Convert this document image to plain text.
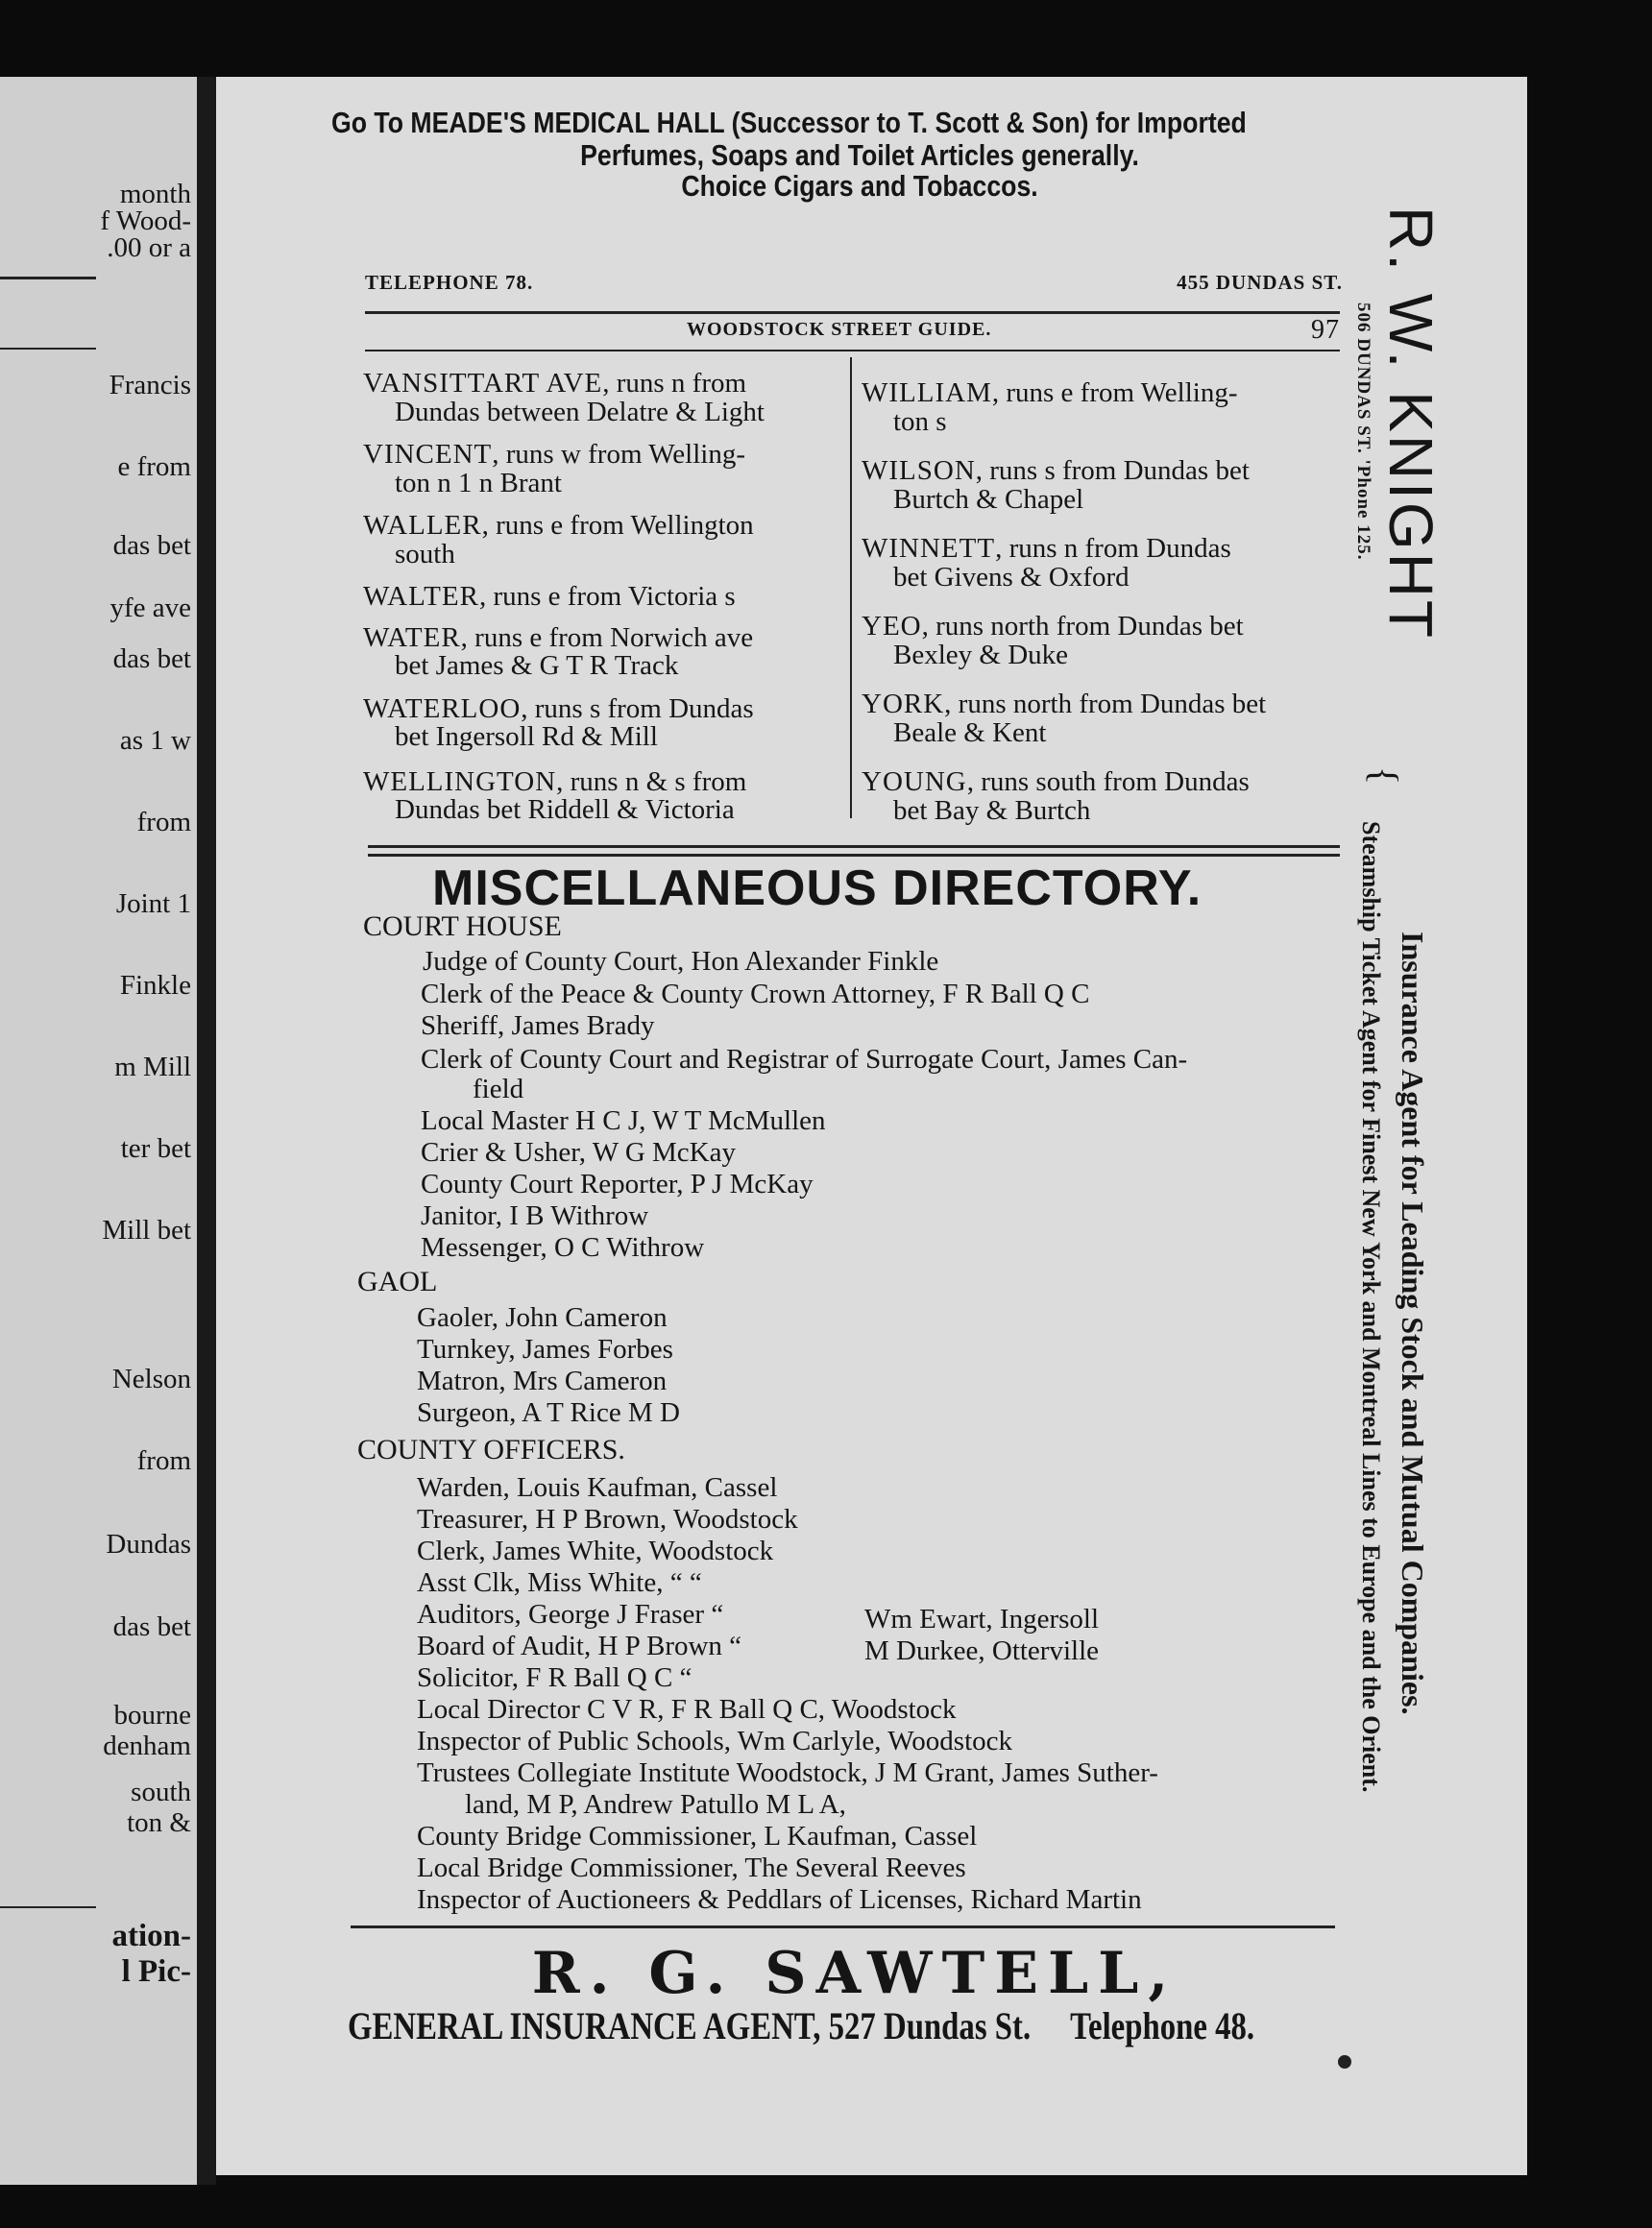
month
f Wood-
.00 or a
Francis
e from
das bet
yfe ave
das bet
as 1 w
from
Joint 1
Finkle
m Mill
ter bet
Mill bet
Nelson
from
Dundas
das bet
bourne
denham
south
ton &
ation-
l Pic-
Go To MEADE'S MEDICAL HALL (Successor to T. Scott & Son) for Imported
Perfumes, Soaps and Toilet Articles generally.
Choice Cigars and Tobaccos.
TELEPHONE 78.	455 DUNDAS ST.
WOODSTOCK STREET GUIDE.	97
VANSITTART AVE, runs n from
Dundas between Delatre & Light
VINCENT, runs w from Welling-
ton n 1 n Brant
WALLER, runs e from Wellington
south
WALTER, runs e from Victoria s
WATER, runs e from Norwich ave
bet James & G T R Track
WATERLOO, runs s from Dundas
bet Ingersoll Rd & Mill
WELLINGTON, runs n & s from
Dundas bet Riddell & Victoria
WILLIAM, runs e from Welling-
ton s
WILSON, runs s from Dundas bet
Burtch & Chapel
WINNETT, runs n from Dundas
bet Givens & Oxford
YEO, runs north from Dundas bet
Bexley & Duke
YORK, runs north from Dundas bet
Beale & Kent
YOUNG, runs south from Dundas
bet Bay & Burtch
MISCELLANEOUS DIRECTORY.
COURT HOUSE
Judge of County Court, Hon Alexander Finkle
Clerk of the Peace & County Crown Attorney, F R Ball Q C
Sheriff, James Brady
Clerk of County Court and Registrar of Surrogate Court, James Can-
field
Local Master H C J, W T McMullen
Crier & Usher, W G McKay
County Court Reporter, P J McKay
Janitor, I B Withrow
Messenger, O C Withrow
GAOL
Gaoler, John Cameron
Turnkey, James Forbes
Matron, Mrs Cameron
Surgeon, A T Rice M D
COUNTY OFFICERS.
Warden, Louis Kaufman, Cassel
Treasurer, H P Brown, Woodstock
Clerk, James White, Woodstock
Asst Clk, Miss White, “ “
Auditors, George J Fraser “
Board of Audit, H P Brown “
Solicitor, F R Ball Q C “
Wm Ewart, Ingersoll
M Durkee, Otterville
Local Director C V R, F R Ball Q C, Woodstock
Inspector of Public Schools, Wm Carlyle, Woodstock
Trustees Collegiate Institute Woodstock, J M Grant, James Suther-
land, M P, Andrew Patullo M L A,
County Bridge Commissioner, L Kaufman, Cassel
Local Bridge Commissioner, The Several Reeves
Inspector of Auctioneers & Peddlars of Licenses, Richard Martin
R. G. SAWTELL,
GENERAL INSURANCE AGENT, 527 Dundas St. Telephone 48.
R. W. KNIGHT
506 DUNDAS ST. 'Phone 125.
{
Steamship Ticket Agent for Finest New York and Montreal Lines to Europe and the Orient. Insurance Agent for Leading Stock and Mutual Companies.
